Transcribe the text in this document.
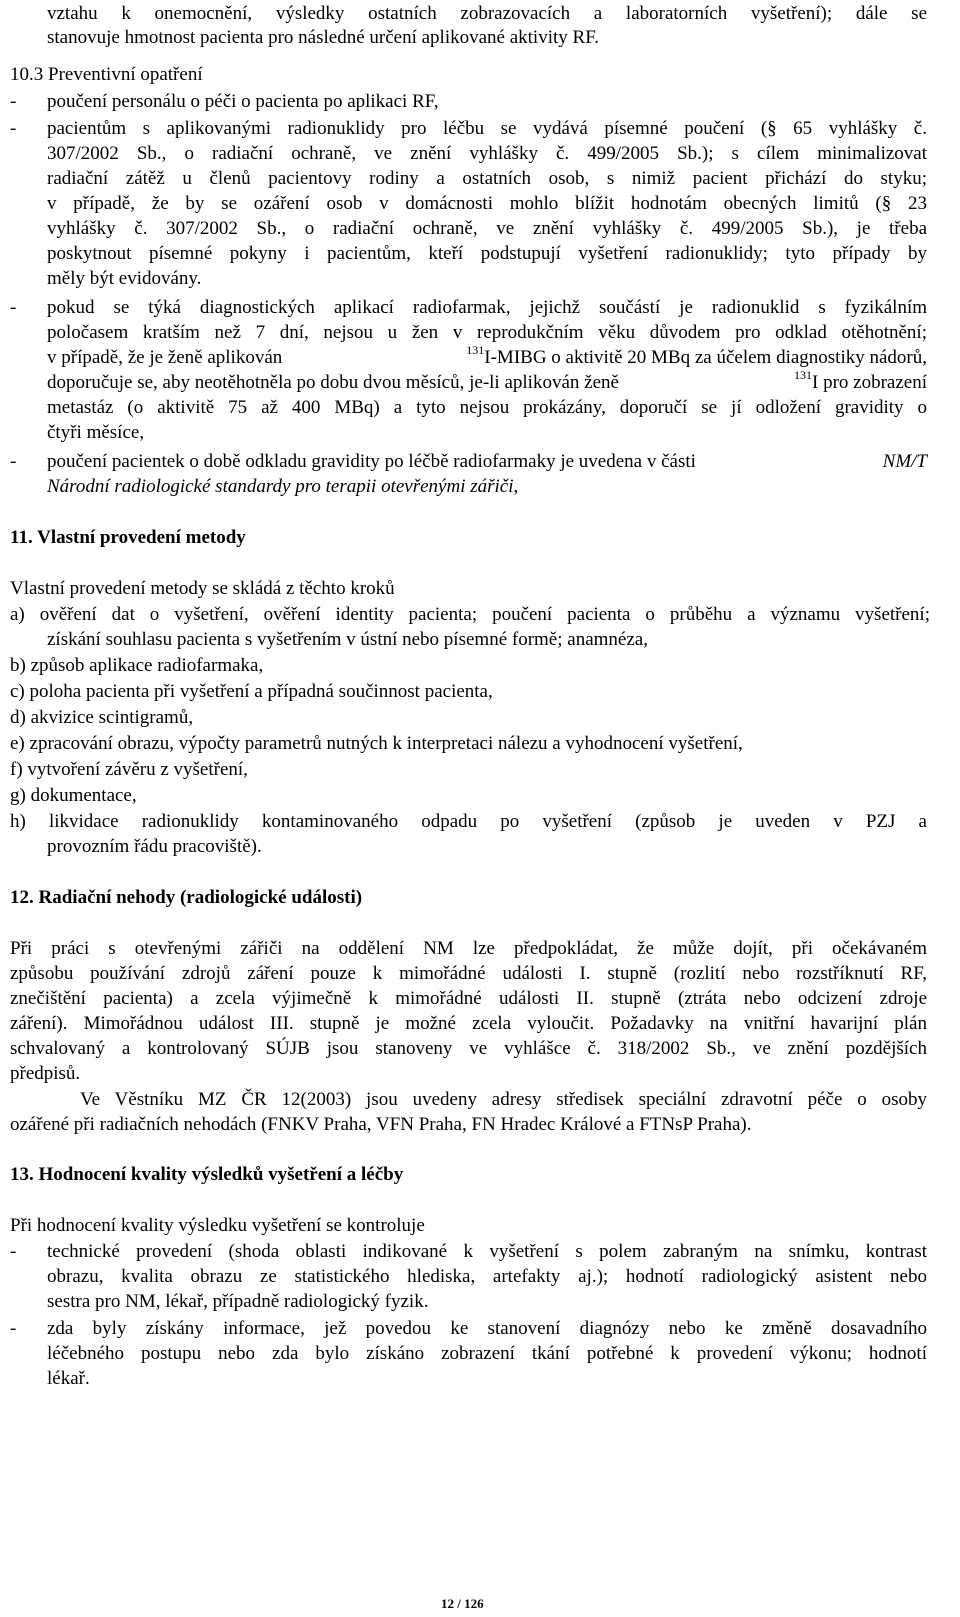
vztahu k onemocnění, výsledky ostatních zobrazovacích a laboratorních vyšetření); dále se
stanovuje hmotnost pacienta pro následné určení aplikované aktivity RF.
10.3 Preventivní opatření
- poučení personálu o péči o pacienta po aplikaci RF,
- pacientům s aplikovanými radionuklidy pro léčbu se vydává písemné poučení (§ 65 vyhlášky č.
307/2002 Sb., o radiační ochraně, ve znění vyhlášky č. 499/2005 Sb.); s cílem minimalizovat
radiační zátěž u členů pacientovy rodiny a ostatních osob, s nimiž pacient přichází do styku;
v případě, že by se ozáření osob v domácnosti mohlo blížit hodnotám obecných limitů (§ 23
vyhlášky č. 307/2002 Sb., o radiační ochraně, ve znění vyhlášky č. 499/2005 Sb.), je třeba
poskytnout písemné pokyny i pacientům, kteří podstupují vyšetření radionuklidy; tyto případy by
měly být evidovány.
- pokud se týká diagnostických aplikací radiofarmak, jejichž součástí je radionuklid s fyzikálním
poločasem kratším než 7 dní, nejsou u žen v reprodukčním věku důvodem pro odklad otěhotnění;
v případě, že je ženě aplikován	$^{131}$I-MIBG o aktivitě 20 MBq za účelem diagnostiky nádorů,
doporučuje se, aby neotěhotněla po dobu dvou měsíců, je-li aplikován ženě	$^{131}$I pro zobrazení
metastáz (o aktivitě 75 až 400 MBq) a tyto nejsou prokázány, doporučí se jí odložení gravidity o
čtyři měsíce,
- poučení pacientek o době odkladu gravidity po léčbě radiofarmaky je uvedena v části	NM/T
Národní radiologické standardy pro terapii otevřenými zářiči,
11. Vlastní provedení metody
Vlastní provedení metody se skládá z těchto kroků
a) ověření dat o vyšetření, ověření identity pacienta; poučení pacienta o průběhu a významu vyšetření;
získání souhlasu pacienta s vyšetřením v ústní nebo písemné formě; anamnéza,
b) způsob aplikace radiofarmaka,
c) poloha pacienta při vyšetření a případná součinnost pacienta,
d) akvizice scintigramů,
e) zpracování obrazu, výpočty parametrů nutných k interpretaci nálezu a vyhodnocení vyšetření,
f) vytvoření závěru z vyšetření,
g) dokumentace,
h) likvidace radionuklidy kontaminovaného odpadu po vyšetření (způsob je uveden v PZJ a
provozním řádu pracoviště).
12. Radiační nehody (radiologické události)
Při práci s otevřenými zářiči na oddělení NM lze předpokládat, že může dojít, při očekávaném
způsobu používání zdrojů záření pouze k mimořádné události I. stupně (rozlití nebo rozstříknutí RF,
znečištění pacienta) a zcela výjimečně k mimořádné události II. stupně (ztráta nebo odcizení zdroje
záření). Mimořádnou událost III. stupně je možné zcela vyloučit. Požadavky na vnitřní havarijní plán
schvalovaný a kontrolovaný SÚJB jsou stanoveny ve vyhlášce č. 318/2002 Sb., ve znění pozdějších
předpisů.
Ve Věstníku MZ ČR 12(2003) jsou uvedeny adresy středisek speciální zdravotní péče o osoby
ozářené při radiačních nehodách (FNKV Praha, VFN Praha, FN Hradec Králové a FTNsP Praha).
13. Hodnocení kvality výsledků vyšetření a léčby
Při hodnocení kvality výsledku vyšetření se kontroluje
- technické provedení (shoda oblasti indikované k vyšetření s polem zabraným na snímku, kontrast
obrazu, kvalita obrazu ze statistického hlediska, artefakty aj.); hodnotí radiologický asistent nebo
sestra pro NM, lékař, případně radiologický fyzik.
- zda byly získány informace, jež povedou ke stanovení diagnózy nebo ke změně dosavadního
léčebného postupu nebo zda bylo získáno zobrazení tkání potřebné k provedení výkonu; hodnotí
lékař.
12 / 126
